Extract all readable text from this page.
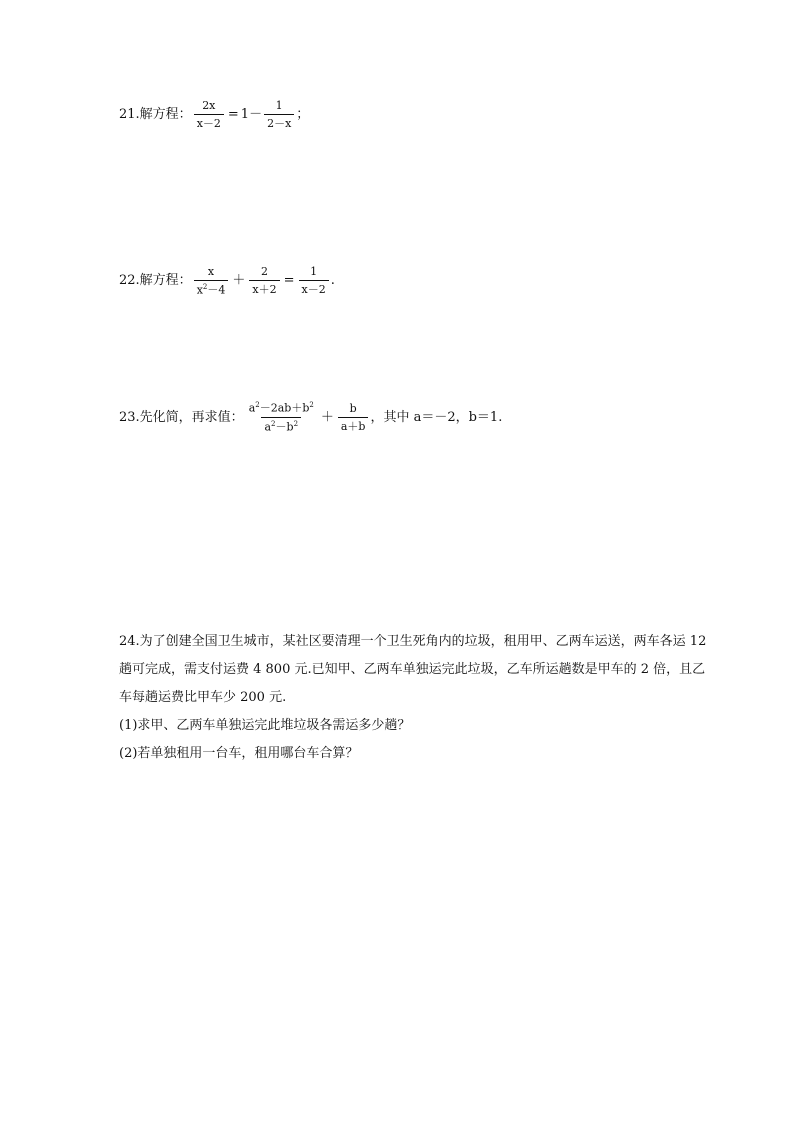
21.解方程： $\frac{2x}{x-2} = 1- \frac{1}{2-x}$ ；
22.解方程： $\frac{x}{x^2-4} + \frac{2}{x+2} = \frac{1}{x-2}$ .
23.先化简，再求值： $\frac{a^2-2ab+b^2}{a^2-b^2} + \frac{b}{a+b}$ ，其中 a＝－2，b＝1.

24.为了创建全国卫生城市，某社区要清理一个卫生死角内的垃圾，租用甲、乙两车运送，两车各运 12 趟可完成，需支付运费 4 800 元.已知甲、乙两车单独运完此垃圾，乙车所运趟数是甲车的 2 倍，且乙车每趟运费比甲车少 200 元.

(1)求甲、乙两车单独运完此堆垃圾各需运多少趟？

(2)若单独租用一台车，租用哪台车合算？
